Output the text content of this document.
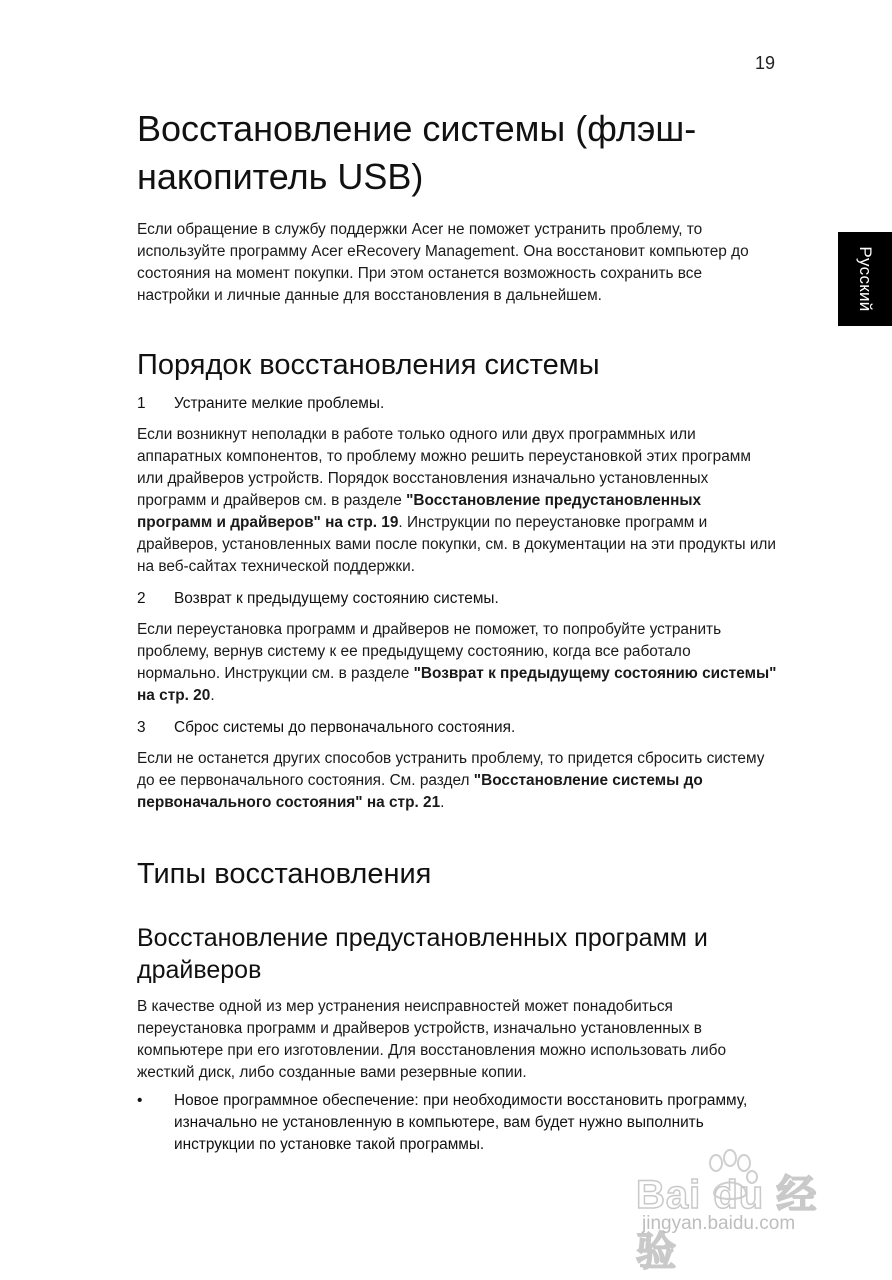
19
Русский
Восстановление системы (флэш-накопитель USB)

Если обращение в службу поддержки Acer не поможет устранить проблему, то используйте программу Acer eRecovery Management. Она восстановит компьютер до состояния на момент покупки. При этом останется возможность сохранить все настройки и личные данные для восстановления в дальнейшем.

Порядок восстановления системы
1	Устраните мелкие проблемы.

Если возникнут неполадки в работе только одного или двух программных или аппаратных компонентов, то проблему можно решить переустановкой этих программ или драйверов устройств. Порядок восстановления изначально установленных программ и драйверов см. в разделе "Восстановление предустановленных программ и драйверов" на стр. 19. Инструкции по переустановке программ и драйверов, установленных вами после покупки, см. в документации на эти продукты или на веб-сайтах технической поддержки.

2	Возврат к предыдущему состоянию системы.

Если переустановка программ и драйверов не поможет, то попробуйте устранить проблему, вернув систему к ее предыдущему состоянию, когда все работало нормально. Инструкции см. в разделе "Возврат к предыдущему состоянию системы" на стр. 20.

3	Сброс системы до первоначального состояния.

Если не останется других способов устранить проблему, то придется сбросить систему до ее первоначального состояния. См. раздел "Восстановление системы до первоначального состояния" на стр. 21.

Типы восстановления
Восстановление предустановленных программ и драйверов

В качестве одной из мер устранения неисправностей может понадобиться переустановка программ и драйверов устройств, изначально установленных в компьютере при его изготовлении. Для восстановления можно использовать либо жесткий диск, либо созданные вами резервные копии.

•	Новое программное обеспечение: при необходимости восстановить программу, изначально не установленную в компьютере, вам будет нужно выполнить инструкции по установке такой программы.
Bai du 经验
jingyan.baidu.com
